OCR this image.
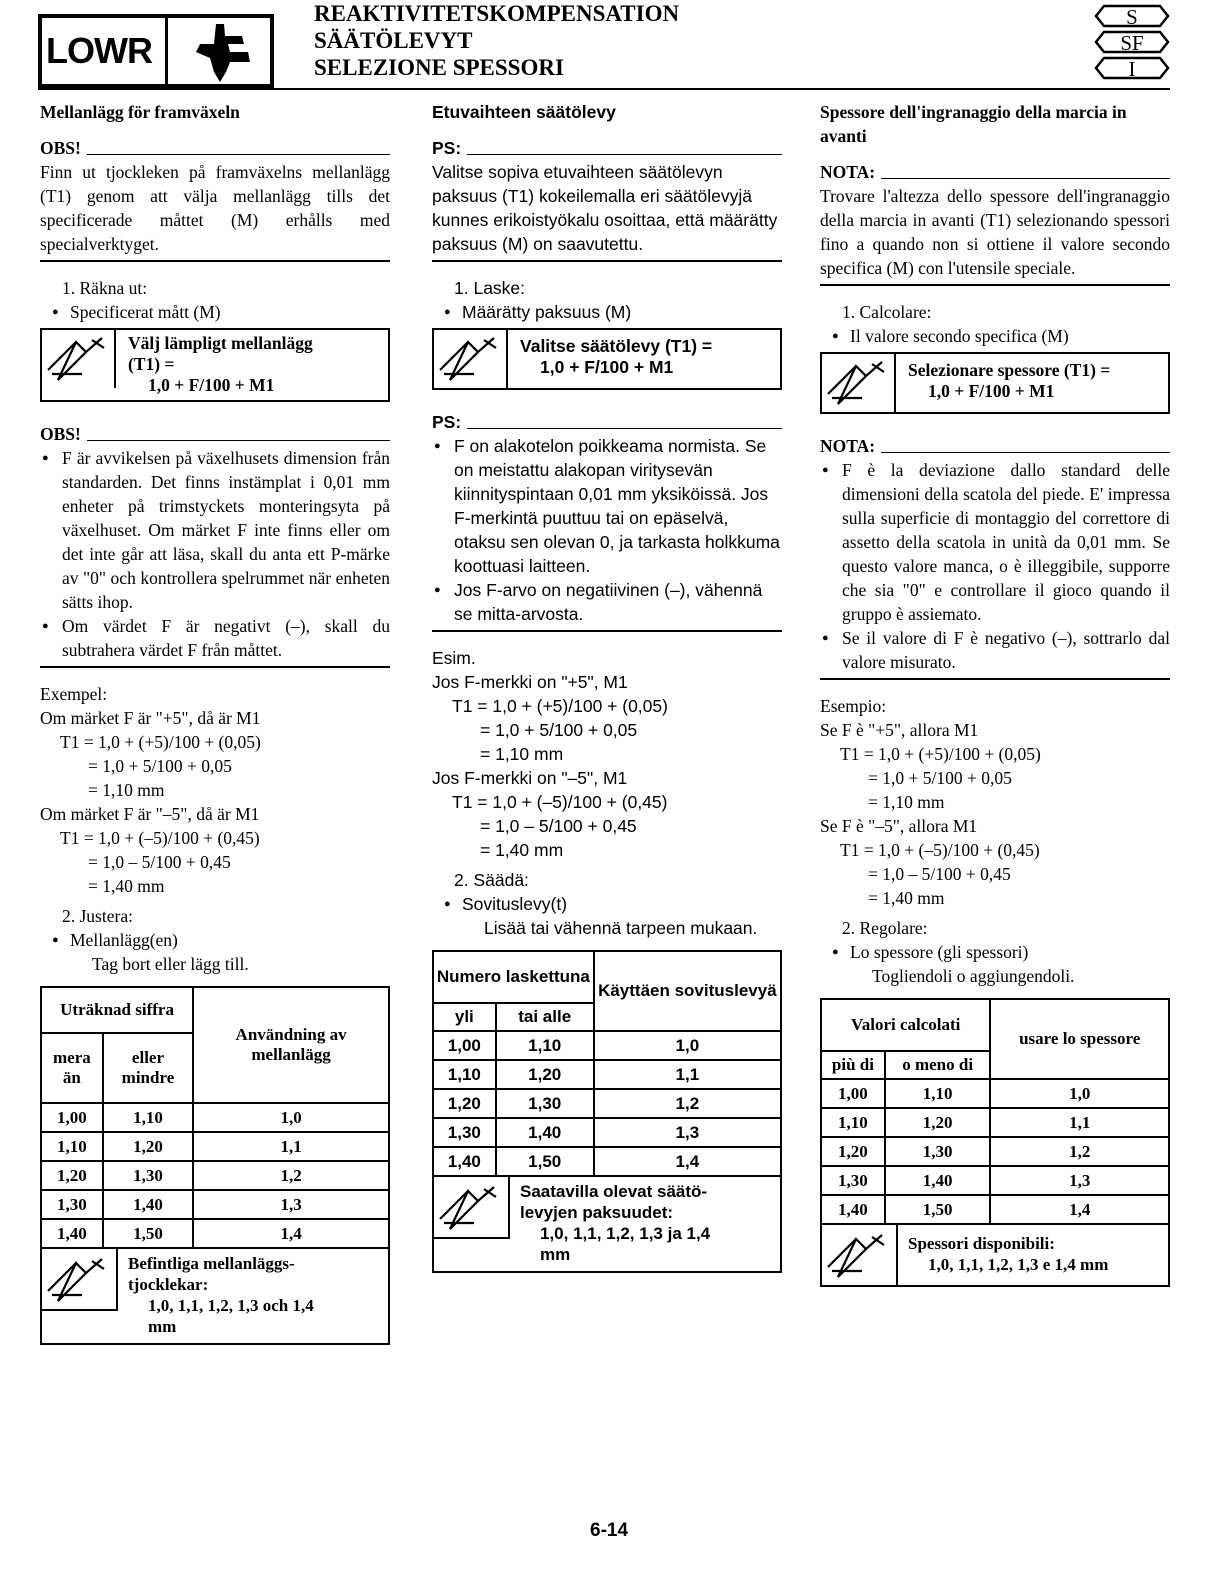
LOWR
REAKTIVITETSKOMPENSATION
SÄÄTÖLEVYT
SELEZIONE SPESSORI
S
SF
I
Mellanlägg för framväxeln
OBS!
Finn ut tjockleken på framväxelns mellanlägg (T1) genom att välja mellanlägg tills det specificerade måttet (M) erhålls med specialverktyget.
1. Räkna ut:
● Specificerat mått (M)
Välj lämpligt mellanlägg
(T1) =
1,0 + F/100 + M1
OBS!
● F är avvikelsen på växelhusets dimension från standarden. Det finns instämplat i 0,01 mm enheter på trimstyckets monteringsyta på växelhuset. Om märket F inte finns eller om det inte går att läsa, skall du anta ett P-märke av "0" och kontrollera spelrummet när enheten sätts ihop.
● Om värdet F är negativt (–), skall du subtrahera värdet F från måttet.
Exempel:
Om märket F är "+5", då är M1
T1 = 1,0 + (+5)/100 + (0,05)
= 1,0 + 5/100 + 0,05
= 1,10 mm
Om märket F är "–5", då är M1
T1 = 1,0 + (–5)/100 + (0,45)
= 1,0 – 5/100 + 0,45
= 1,40 mm
2. Justera:
● Mellanlägg(en)
Tag bort eller lägg till.
Uträknad siffra		Användning av mellanlägg
mera än	eller mindre	
1,00	1,10	1,0
1,10	1,20	1,1
1,20	1,30	1,2
1,30	1,40	1,3
1,40	1,50	1,4
Befintliga mellanläggs-
tjocklekar:
1,0, 1,1, 1,2, 1,3 och 1,4
mm
Etuvaihteen säätölevy
PS:
Valitse sopiva etuvaihteen säätölevyn paksuus (T1) kokeilemalla eri säätölevyjä kunnes erikoistyökalu osoittaa, että määrätty paksuus (M) on saavutettu.
1. Laske:
● Määrätty paksuus (M)
Valitse säätölevy (T1) =
1,0 + F/100 + M1
PS:
● F on alakotelon poikkeama normista. Se on meistattu alakopan viritysevän kiinnityspintaan 0,01 mm yksiköissä. Jos F-merkintä puuttuu tai on epäselvä, otaksu sen olevan 0, ja tarkasta holkkuma koottuasi laitteen.
● Jos F-arvo on negatiivinen (–), vähennä se mitta-arvosta.
Esim.
Jos F-merkki on "+5", M1
T1 = 1,0 + (+5)/100 + (0,05)
= 1,0 + 5/100 + 0,05
= 1,10 mm
Jos F-merkki on "–5", M1
T1 = 1,0 + (–5)/100 + (0,45)
= 1,0 – 5/100 + 0,45
= 1,40 mm
2. Säädä:
● Sovituslevy(t)
Lisää tai vähennä tarpeen mukaan.
Numero laskettuna		Käyttäen sovituslevyä
yli	tai alle	
1,00	1,10	1,0
1,10	1,20	1,1
1,20	1,30	1,2
1,30	1,40	1,3
1,40	1,50	1,4
Saatavilla olevat säätö-
levyjen paksuudet:
1,0, 1,1, 1,2, 1,3 ja 1,4
mm
Spessore dell'ingranaggio della marcia in avanti
NOTA:
Trovare l'altezza dello spessore dell'ingranaggio della marcia in avanti (T1) selezionando spessori fino a quando non si ottiene il valore secondo specifica (M) con l'utensile speciale.
1. Calcolare:
● Il valore secondo specifica (M)
Selezionare spessore (T1) =
1,0 + F/100 + M1
NOTA:
● F è la deviazione dallo standard delle dimensioni della scatola del piede. E' impressa sulla superficie di montaggio del correttore di assetto della scatola in unità da 0,01 mm. Se questo valore manca, o è illeggibile, supporre che sia "0" e controllare il gioco quando il gruppo è assiemato.
● Se il valore di F è negativo (–), sottrarlo dal valore misurato.
Esempio:
Se F è "+5", allora M1
T1 = 1,0 + (+5)/100 + (0,05)
= 1,0 + 5/100 + 0,05
= 1,10 mm
Se F è "–5", allora M1
T1 = 1,0 + (–5)/100 + (0,45)
= 1,0 – 5/100 + 0,45
= 1,40 mm
2. Regolare:
● Lo spessore (gli spessori)
Togliendoli o aggiungendoli.
Valori calcolati		usare lo spessore
più di	o meno di	
1,00	1,10	1,0
1,10	1,20	1,1
1,20	1,30	1,2
1,30	1,40	1,3
1,40	1,50	1,4
Spessori disponibili:
1,0, 1,1, 1,2, 1,3 e 1,4 mm
6-14
